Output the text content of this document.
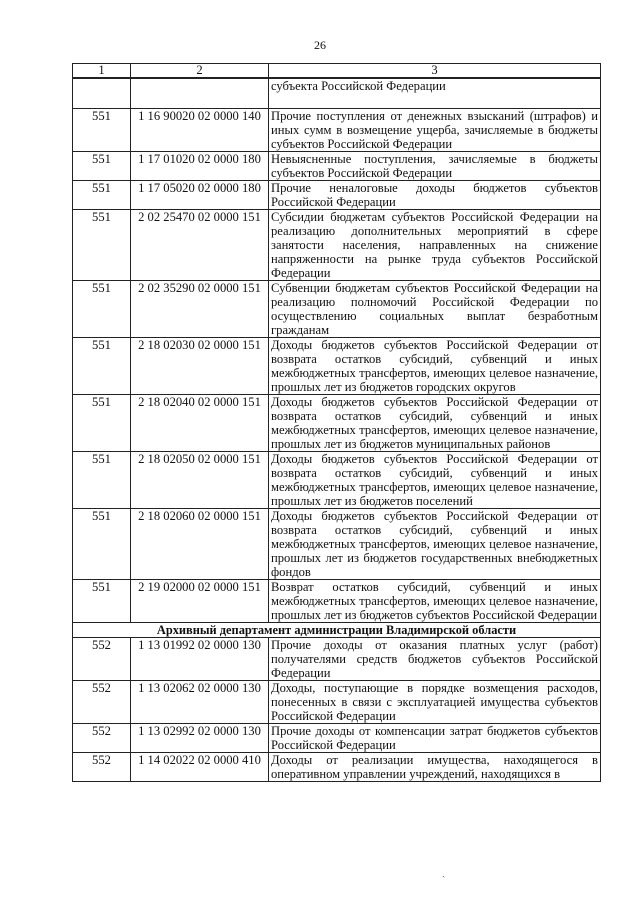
26
1	2	3
		субъекта Российской Федерации
551	1 16 90020 02 0000 140	Прочие поступления от денежных взысканий (штрафов) и иных сумм в возмещение ущерба, зачисляемые в бюджеты субъектов Российской Федерации
551	1 17 01020 02 0000 180	Невыясненные поступления, зачисляемые в бюджеты субъектов Российской Федерации
551	1 17 05020 02 0000 180	Прочие неналоговые доходы бюджетов субъектов Российской Федерации
551	2 02 25470 02 0000 151	Субсидии бюджетам субъектов Российской Федерации на реализацию дополнительных мероприятий в сфере занятости населения, направленных на снижение напряженности на рынке труда субъектов Российской Федерации
551	2 02 35290 02 0000 151	Субвенции бюджетам субъектов Российской Федерации на реализацию полномочий Российской Федерации по осуществлению социальных выплат безработным гражданам
551	2 18 02030 02 0000 151	Доходы бюджетов субъектов Российской Федерации от возврата остатков субсидий, субвенций и иных межбюджетных трансфертов, имеющих целевое назначение, прошлых лет из бюджетов городских округов
551	2 18 02040 02 0000 151	Доходы бюджетов субъектов Российской Федерации от возврата остатков субсидий, субвенций и иных межбюджетных трансфертов, имеющих целевое назначение, прошлых лет из бюджетов муниципальных районов
551	2 18 02050 02 0000 151	Доходы бюджетов субъектов Российской Федерации от возврата остатков субсидий, субвенций и иных межбюджетных трансфертов, имеющих целевое назначение, прошлых лет из бюджетов поселений
551	2 18 02060 02 0000 151	Доходы бюджетов субъектов Российской Федерации от возврата остатков субсидий, субвенций и иных межбюджетных трансфертов, имеющих целевое назначение, прошлых лет из бюджетов государственных внебюджетных фондов
551	2 19 02000 02 0000 151	Возврат остатков субсидий, субвенций и иных межбюджетных трансфертов, имеющих целевое назначение, прошлых лет из бюджетов субъектов Российской Федерации
Архивный департамент администрации Владимирской области		
552	1 13 01992 02 0000 130	Прочие доходы от оказания платных услуг (работ) получателями средств бюджетов субъектов Российской Федерации
552	1 13 02062 02 0000 130	Доходы, поступающие в порядке возмещения расходов, понесенных в связи с эксплуатацией имущества субъектов Российской Федерации
552	1 13 02992 02 0000 130	Прочие доходы от компенсации затрат бюджетов субъектов Российской Федерации
552	1 14 02022 02 0000 410	Доходы от реализации имущества, находящегося в оперативном управлении учреждений, находящихся в
ˎ
